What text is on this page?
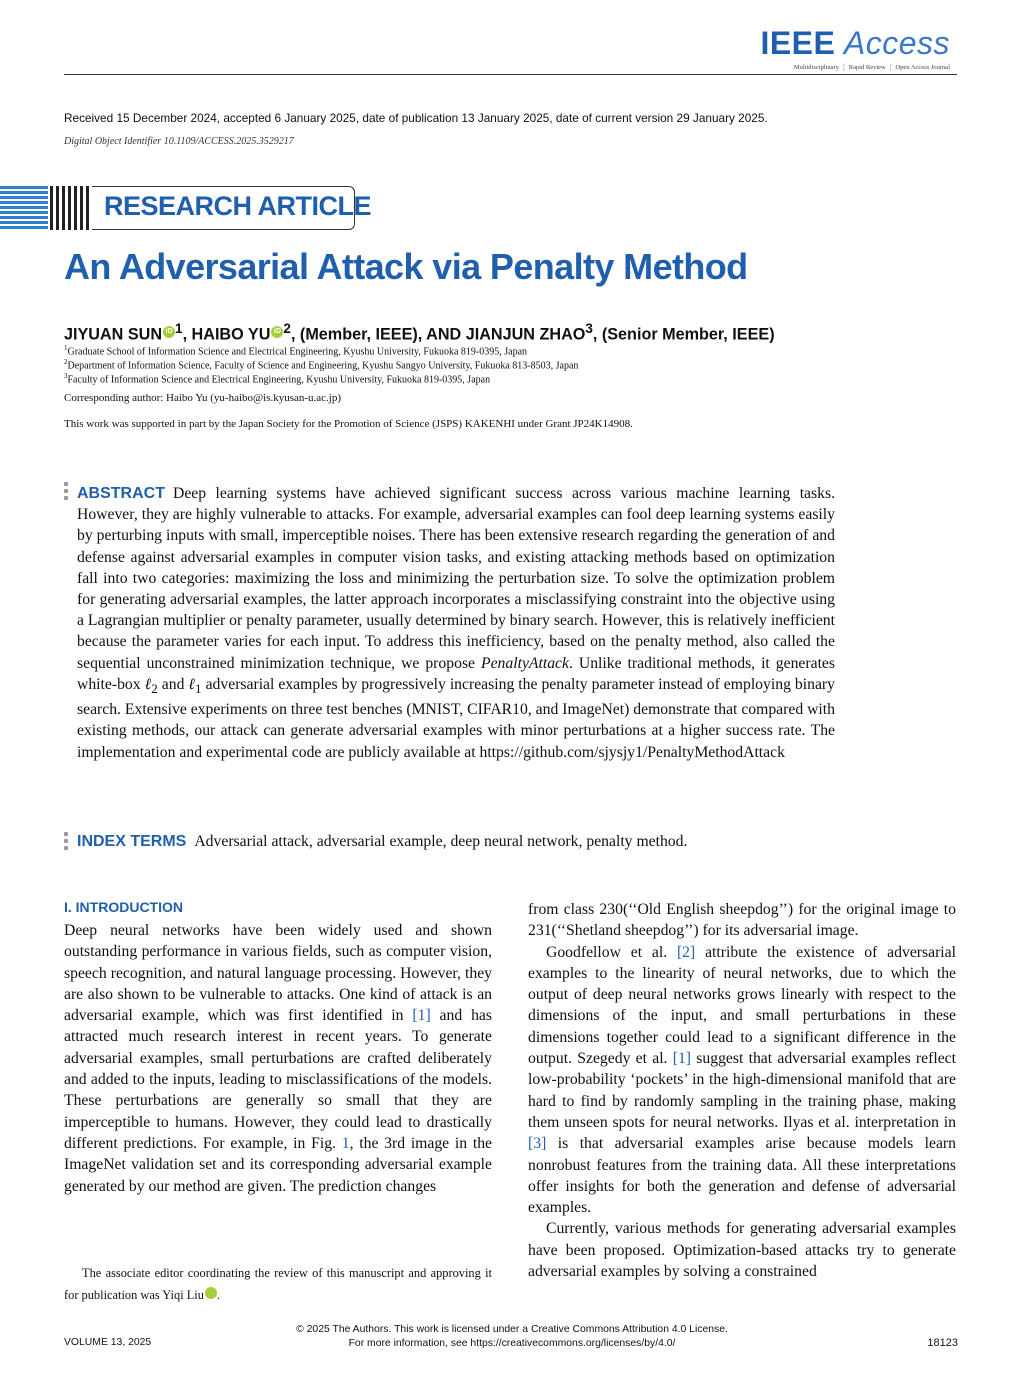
IEEE Access
Multidisciplinary ⋮ Rapid Review ⋮ Open Access Journal
Received 15 December 2024, accepted 6 January 2025, date of publication 13 January 2025, date of current version 29 January 2025.
Digital Object Identifier 10.1109/ACCESS.2025.3529217
RESEARCH ARTICLE
An Adversarial Attack via Penalty Method
JIYUAN SUN iD $^1$, HAIBO YU iD $^2$, (Member, IEEE), AND JIANJUN ZHAO$^3$, (Senior Member, IEEE)
$^1$Graduate School of Information Science and Electrical Engineering, Kyushu University, Fukuoka 819-0395, Japan
$^2$Department of Information Science, Faculty of Science and Engineering, Kyushu Sangyo University, Fukuoka 813-8503, Japan
$^3$Faculty of Information Science and Electrical Engineering, Kyushu University, Fukuoka 819-0395, Japan
Corresponding author: Haibo Yu (yu-haibo@is.kyusan-u.ac.jp)
This work was supported in part by the Japan Society for the Promotion of Science (JSPS) KAKENHI under Grant JP24K14908.
ABSTRACT Deep learning systems have achieved significant success across various machine learning tasks. However, they are highly vulnerable to attacks. For example, adversarial examples can fool deep learning systems easily by perturbing inputs with small, imperceptible noises. There has been extensive research regarding the generation of and defense against adversarial examples in computer vision tasks, and existing attacking methods based on optimization fall into two categories: maximizing the loss and minimizing the perturbation size. To solve the optimization problem for generating adversarial examples, the latter approach incorporates a misclassifying constraint into the objective using a Lagrangian multiplier or penalty parameter, usually determined by binary search. However, this is relatively inefficient because the parameter varies for each input. To address this inefficiency, based on the penalty method, also called the sequential unconstrained minimization technique, we propose PenaltyAttack. Unlike traditional methods, it generates white-box ℓ$_2$ and ℓ$_1$ adversarial examples by progressively increasing the penalty parameter instead of employing binary search. Extensive experiments on three test benches (MNIST, CIFAR10, and ImageNet) demonstrate that compared with existing methods, our attack can generate adversarial examples with minor perturbations at a higher success rate. The implementation and experimental code are publicly available at https://github.com/sjysjy1/PenaltyMethodAttack
INDEX TERMS Adversarial attack, adversarial example, deep neural network, penalty method.
I. INTRODUCTION

Deep neural networks have been widely used and shown outstanding performance in various fields, such as computer vision, speech recognition, and natural language processing. However, they are also shown to be vulnerable to attacks. One kind of attack is an adversarial example, which was first identified in [1] and has attracted much research interest in recent years. To generate adversarial examples, small perturbations are crafted deliberately and added to the inputs, leading to misclassifications of the models. These perturbations are generally so small that they are imperceptible to humans. However, they could lead to drastically different predictions. For example, in Fig. 1, the 3rd image in the ImageNet validation set and its corresponding adversarial example generated by our method are given. The prediction changes

from class 230(‘‘Old English sheepdog’’) for the original image to 231(‘‘Shetland sheepdog’’) for its adversarial image.

Goodfellow et al. [2] attribute the existence of adversarial examples to the linearity of neural networks, due to which the output of deep neural networks grows linearly with respect to the dimensions of the input, and small perturbations in these dimensions together could lead to a significant difference in the output. Szegedy et al. [1] suggest that adversarial examples reflect low-probability ‘pockets’ in the high-dimensional manifold that are hard to find by randomly sampling in the training phase, making them unseen spots for neural networks. Ilyas et al. interpretation in [3] is that adversarial examples arise because models learn nonrobust features from the training data. All these interpretations offer insights for both the generation and defense of adversarial examples.

Currently, various methods for generating adversarial examples have been proposed. Optimization-based attacks try to generate adversarial examples by solving a constrained

The associate editor coordinating the review of this manuscript and approving it for publication was Yiqi Liu	iD.
© 2025 The Authors. This work is licensed under a Creative Commons Attribution 4.0 License.
For more information, see https://creativecommons.org/licenses/by/4.0/
VOLUME 13, 2025	18123
